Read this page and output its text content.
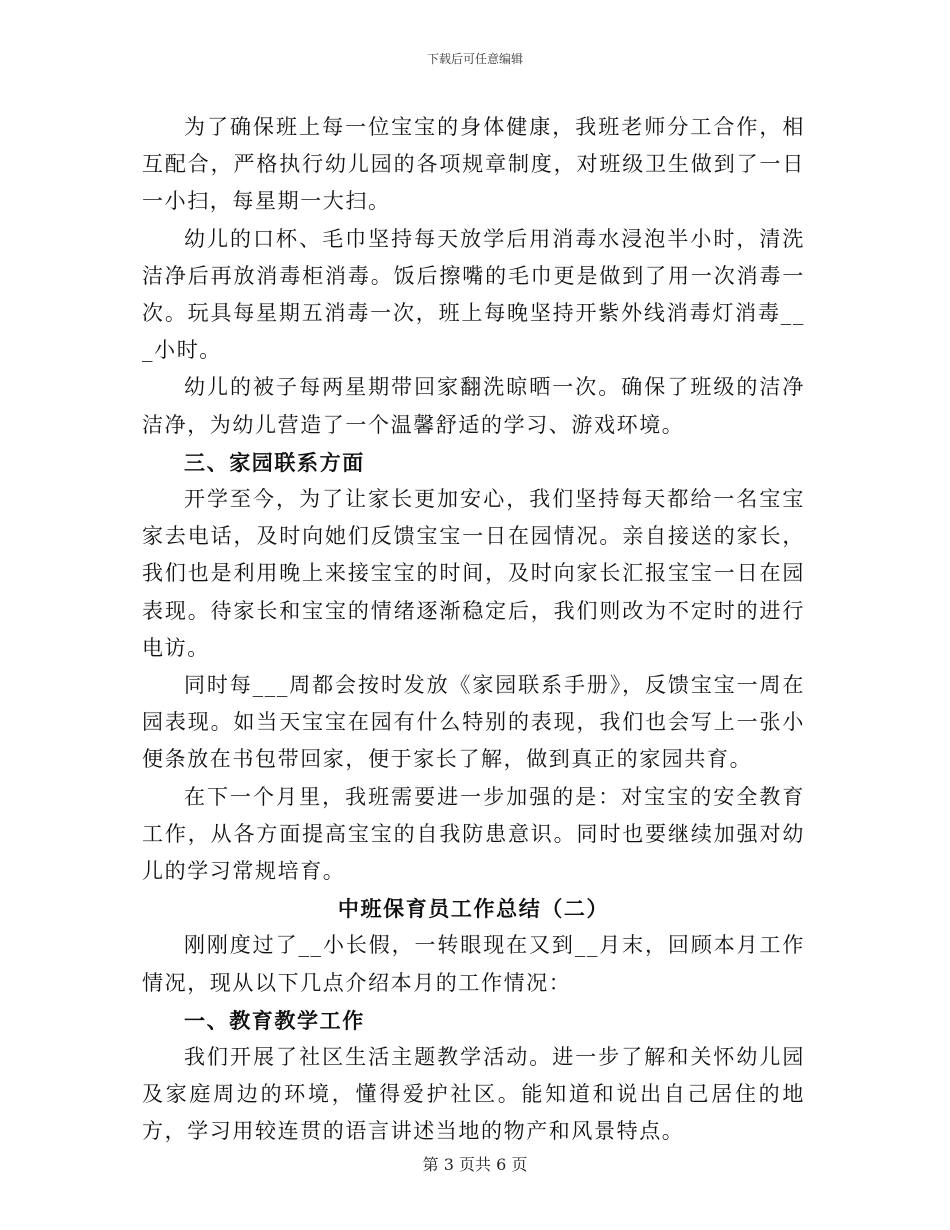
下载后可任意编辑

为了确保班上每一位宝宝的身体健康，我班老师分工合作，相互配合，严格执行幼儿园的各项规章制度，对班级卫生做到了一日一小扫，每星期一大扫。

幼儿的口杯、毛巾坚持每天放学后用消毒水浸泡半小时，清洗洁净后再放消毒柜消毒。饭后擦嘴的毛巾更是做到了用一次消毒一次。玩具每星期五消毒一次，班上每晚坚持开紫外线消毒灯消毒___小时。

幼儿的被子每两星期带回家翻洗晾晒一次。确保了班级的洁净洁净，为幼儿营造了一个温馨舒适的学习、游戏环境。

三、家园联系方面

开学至今，为了让家长更加安心，我们坚持每天都给一名宝宝家去电话，及时向她们反馈宝宝一日在园情况。亲自接送的家长，我们也是利用晚上来接宝宝的时间，及时向家长汇报宝宝一日在园表现。待家长和宝宝的情绪逐渐稳定后，我们则改为不定时的进行电访。

同时每___周都会按时发放《家园联系手册》，反馈宝宝一周在园表现。如当天宝宝在园有什么特别的表现，我们也会写上一张小便条放在书包带回家，便于家长了解，做到真正的家园共育。

在下一个月里，我班需要进一步加强的是：对宝宝的安全教育工作，从各方面提高宝宝的自我防患意识。同时也要继续加强对幼儿的学习常规培育。

中班保育员工作总结（二）

刚刚度过了__小长假，一转眼现在又到__月末，回顾本月工作情况，现从以下几点介绍本月的工作情况：

一、教育教学工作

我们开展了社区生活主题教学活动。进一步了解和关怀幼儿园及家庭周边的环境，懂得爱护社区。能知道和说出自己居住的地方，学习用较连贯的语言讲述当地的物产和风景特点。

第 3 页共 6 页
